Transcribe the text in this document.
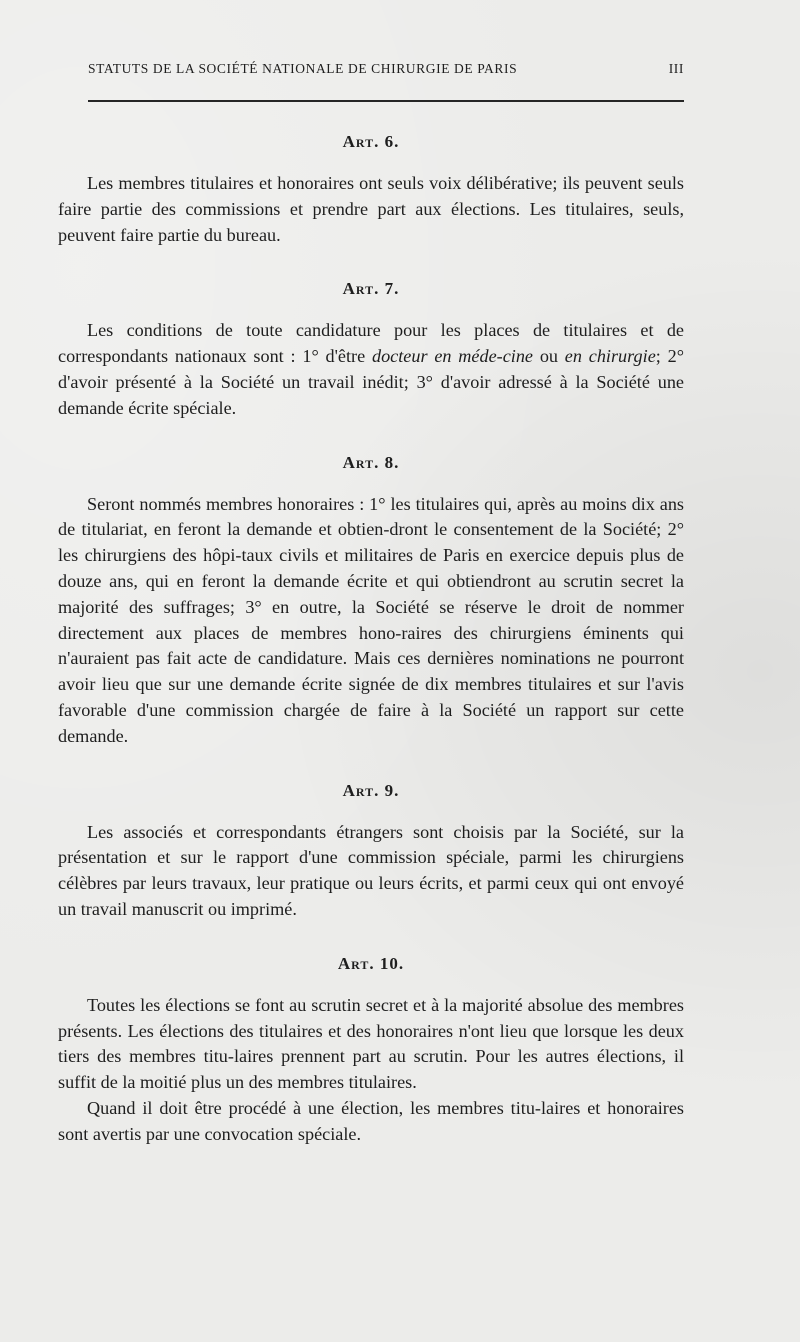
STATUTS DE LA SOCIÉTÉ NATIONALE DE CHIRURGIE DE PARIS	III
Art. 6.

Les membres titulaires et honoraires ont seuls voix délibérative; ils peuvent seuls faire partie des commissions et prendre part aux élections. Les titulaires, seuls, peuvent faire partie du bureau.

Art. 7.

Les conditions de toute candidature pour les places de titulaires et de correspondants nationaux sont : 1° d'être docteur en méde-cine ou en chirurgie; 2° d'avoir présenté à la Société un travail inédit; 3° d'avoir adressé à la Société une demande écrite spéciale.

Art. 8.

Seront nommés membres honoraires : 1° les titulaires qui, après au moins dix ans de titulariat, en feront la demande et obtien-dront le consentement de la Société; 2° les chirurgiens des hôpi-taux civils et militaires de Paris en exercice depuis plus de douze ans, qui en feront la demande écrite et qui obtiendront au scrutin secret la majorité des suffrages; 3° en outre, la Société se réserve le droit de nommer directement aux places de membres hono-raires des chirurgiens éminents qui n'auraient pas fait acte de candidature. Mais ces dernières nominations ne pourront avoir lieu que sur une demande écrite signée de dix membres titulaires et sur l'avis favorable d'une commission chargée de faire à la Société un rapport sur cette demande.

Art. 9.

Les associés et correspondants étrangers sont choisis par la Société, sur la présentation et sur le rapport d'une commission spéciale, parmi les chirurgiens célèbres par leurs travaux, leur pratique ou leurs écrits, et parmi ceux qui ont envoyé un travail manuscrit ou imprimé.

Art. 10.

Toutes les élections se font au scrutin secret et à la majorité absolue des membres présents. Les élections des titulaires et des honoraires n'ont lieu que lorsque les deux tiers des membres titu-laires prennent part au scrutin. Pour les autres élections, il suffit de la moitié plus un des membres titulaires.

Quand il doit être procédé à une élection, les membres titu-laires et honoraires sont avertis par une convocation spéciale.
